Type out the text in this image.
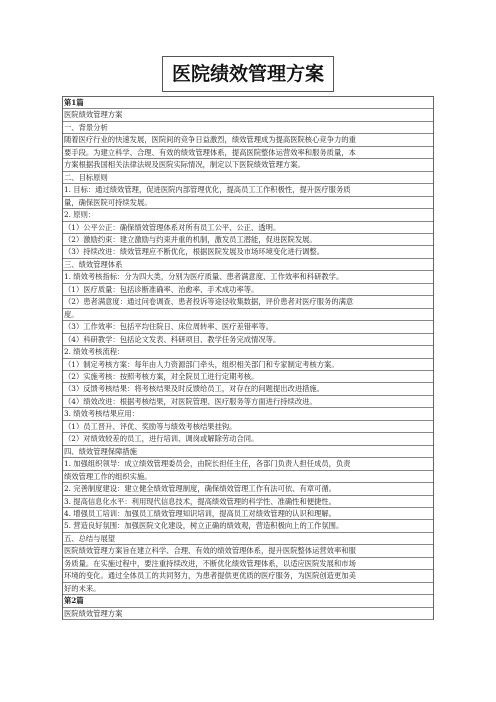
医院绩效管理方案
第1篇
医院绩效管理方案
一、背景分析
随着医疗行业的快速发展，医院间的竞争日益激烈，绩效管理成为提高医院核心竞争力的重
要手段。为建立科学、合理、有效的绩效管理体系，提高医院整体运营效率和服务质量，本
方案根据我国相关法律法规及医院实际情况，制定以下医院绩效管理方案。
二、目标原则
1. 目标：通过绩效管理，促进医院内部管理优化，提高员工工作积极性，提升医疗服务质
量，确保医院可持续发展。
2. 原则：
（1）公平公正：确保绩效管理体系对所有员工公平、公正、透明。
（2）激励约束：建立激励与约束并重的机制，激发员工潜能，促进医院发展。
（3）持续改进：绩效管理应不断优化，根据医院发展及市场环境变化进行调整。
三、绩效管理体系
1. 绩效考核指标：分为四大类，分别为医疗质量、患者满意度、工作效率和科研教学。
（1）医疗质量：包括诊断准确率、治愈率、手术成功率等。
（2）患者满意度：通过问卷调查、患者投诉等途径收集数据，评价患者对医疗服务的满意
度。
（3）工作效率：包括平均住院日、床位周转率、医疗差错率等。
（4）科研教学：包括论文发表、科研项目、教学任务完成情况等。
2. 绩效考核流程：
（1）制定考核方案：每年由人力资源部门牵头，组织相关部门和专家制定考核方案。
（2）实施考核：按照考核方案，对全院员工进行定期考核。
（3）反馈考核结果：将考核结果及时反馈给员工，对存在的问题提出改进措施。
（4）绩效改进：根据考核结果，对医院管理、医疗服务等方面进行持续改进。
3. 绩效考核结果应用：
（1）员工晋升、评优、奖励等与绩效考核结果挂钩。
（2）对绩效较差的员工，进行培训、调岗或解除劳动合同。
四、绩效管理保障措施
1. 加强组织领导：成立绩效管理委员会，由院长担任主任，各部门负责人担任成员，负责
绩效管理工作的组织实施。
2. 完善制度建设：建立健全绩效管理制度，确保绩效管理工作有法可依、有章可循。
3. 提高信息化水平：利用现代信息技术，提高绩效管理的科学性、准确性和便捷性。
4. 增强员工培训：加强员工绩效管理知识培训，提高员工对绩效管理的认识和理解。
5. 营造良好氛围：加强医院文化建设，树立正确的绩效观，营造积极向上的工作氛围。
五、总结与展望
医院绩效管理方案旨在建立科学、合理、有效的绩效管理体系，提升医院整体运营效率和服
务质量。在实施过程中，要注重持续改进，不断优化绩效管理体系，以适应医院发展和市场
环境的变化。通过全体员工的共同努力，为患者提供更优质的医疗服务，为医院创造更加美
好的未来。
第2篇
医院绩效管理方案
